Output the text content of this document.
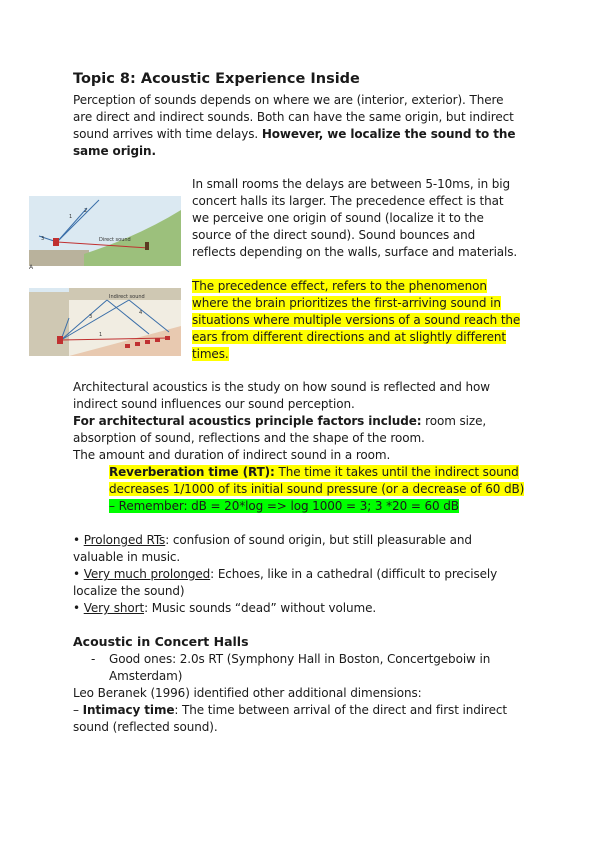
Topic 8: Acoustic Experience Inside
Perception of sounds depends on where we are (interior, exterior). There
are direct and indirect sounds. Both can have the same origin, but indirect
sound arrives with time delays. However, we localize the sound to the
same origin.
Direct sound
1
2
3
A
In small rooms the delays are between 5-10ms, in big
concert halls its larger. The precedence effect is that
we perceive one origin of sound (localize it to the
source of the direct sound). Sound bounces and
reflects depending on the walls, surface and materials.
Indirect sound
1
3
4
The precedence effect, refers to the phenomenon
where the brain prioritizes the first-arriving sound in
situations where multiple versions of a sound reach the
ears from different directions and at slightly different
times.
Architectural acoustics is the study on how sound is reflected and how
indirect sound influences our sound perception.
For architectural acoustics principle factors include: room size,
absorption of sound, reflections and the shape of the room.
The amount and duration of indirect sound in a room.
Reverberation time (RT): The time it takes until the indirect sound
decreases 1/1000 of its initial sound pressure (or a decrease of 60 dB)
– Remember: dB = 20*log => log 1000 = 3; 3 *20 = 60 dB
• Prolonged RTs: confusion of sound origin, but still pleasurable and
valuable in music.
• Very much prolonged: Echoes, like in a cathedral (difficult to precisely
localize the sound)
• Very short: Music sounds “dead” without volume.
Acoustic in Concert Halls
- Good ones: 2.0s RT (Symphony Hall in Boston, Concertgeboiw in
Amsterdam)
Leo Beranek (1996) identified other additional dimensions:
– Intimacy time: The time between arrival of the direct and first indirect
sound (reflected sound).
